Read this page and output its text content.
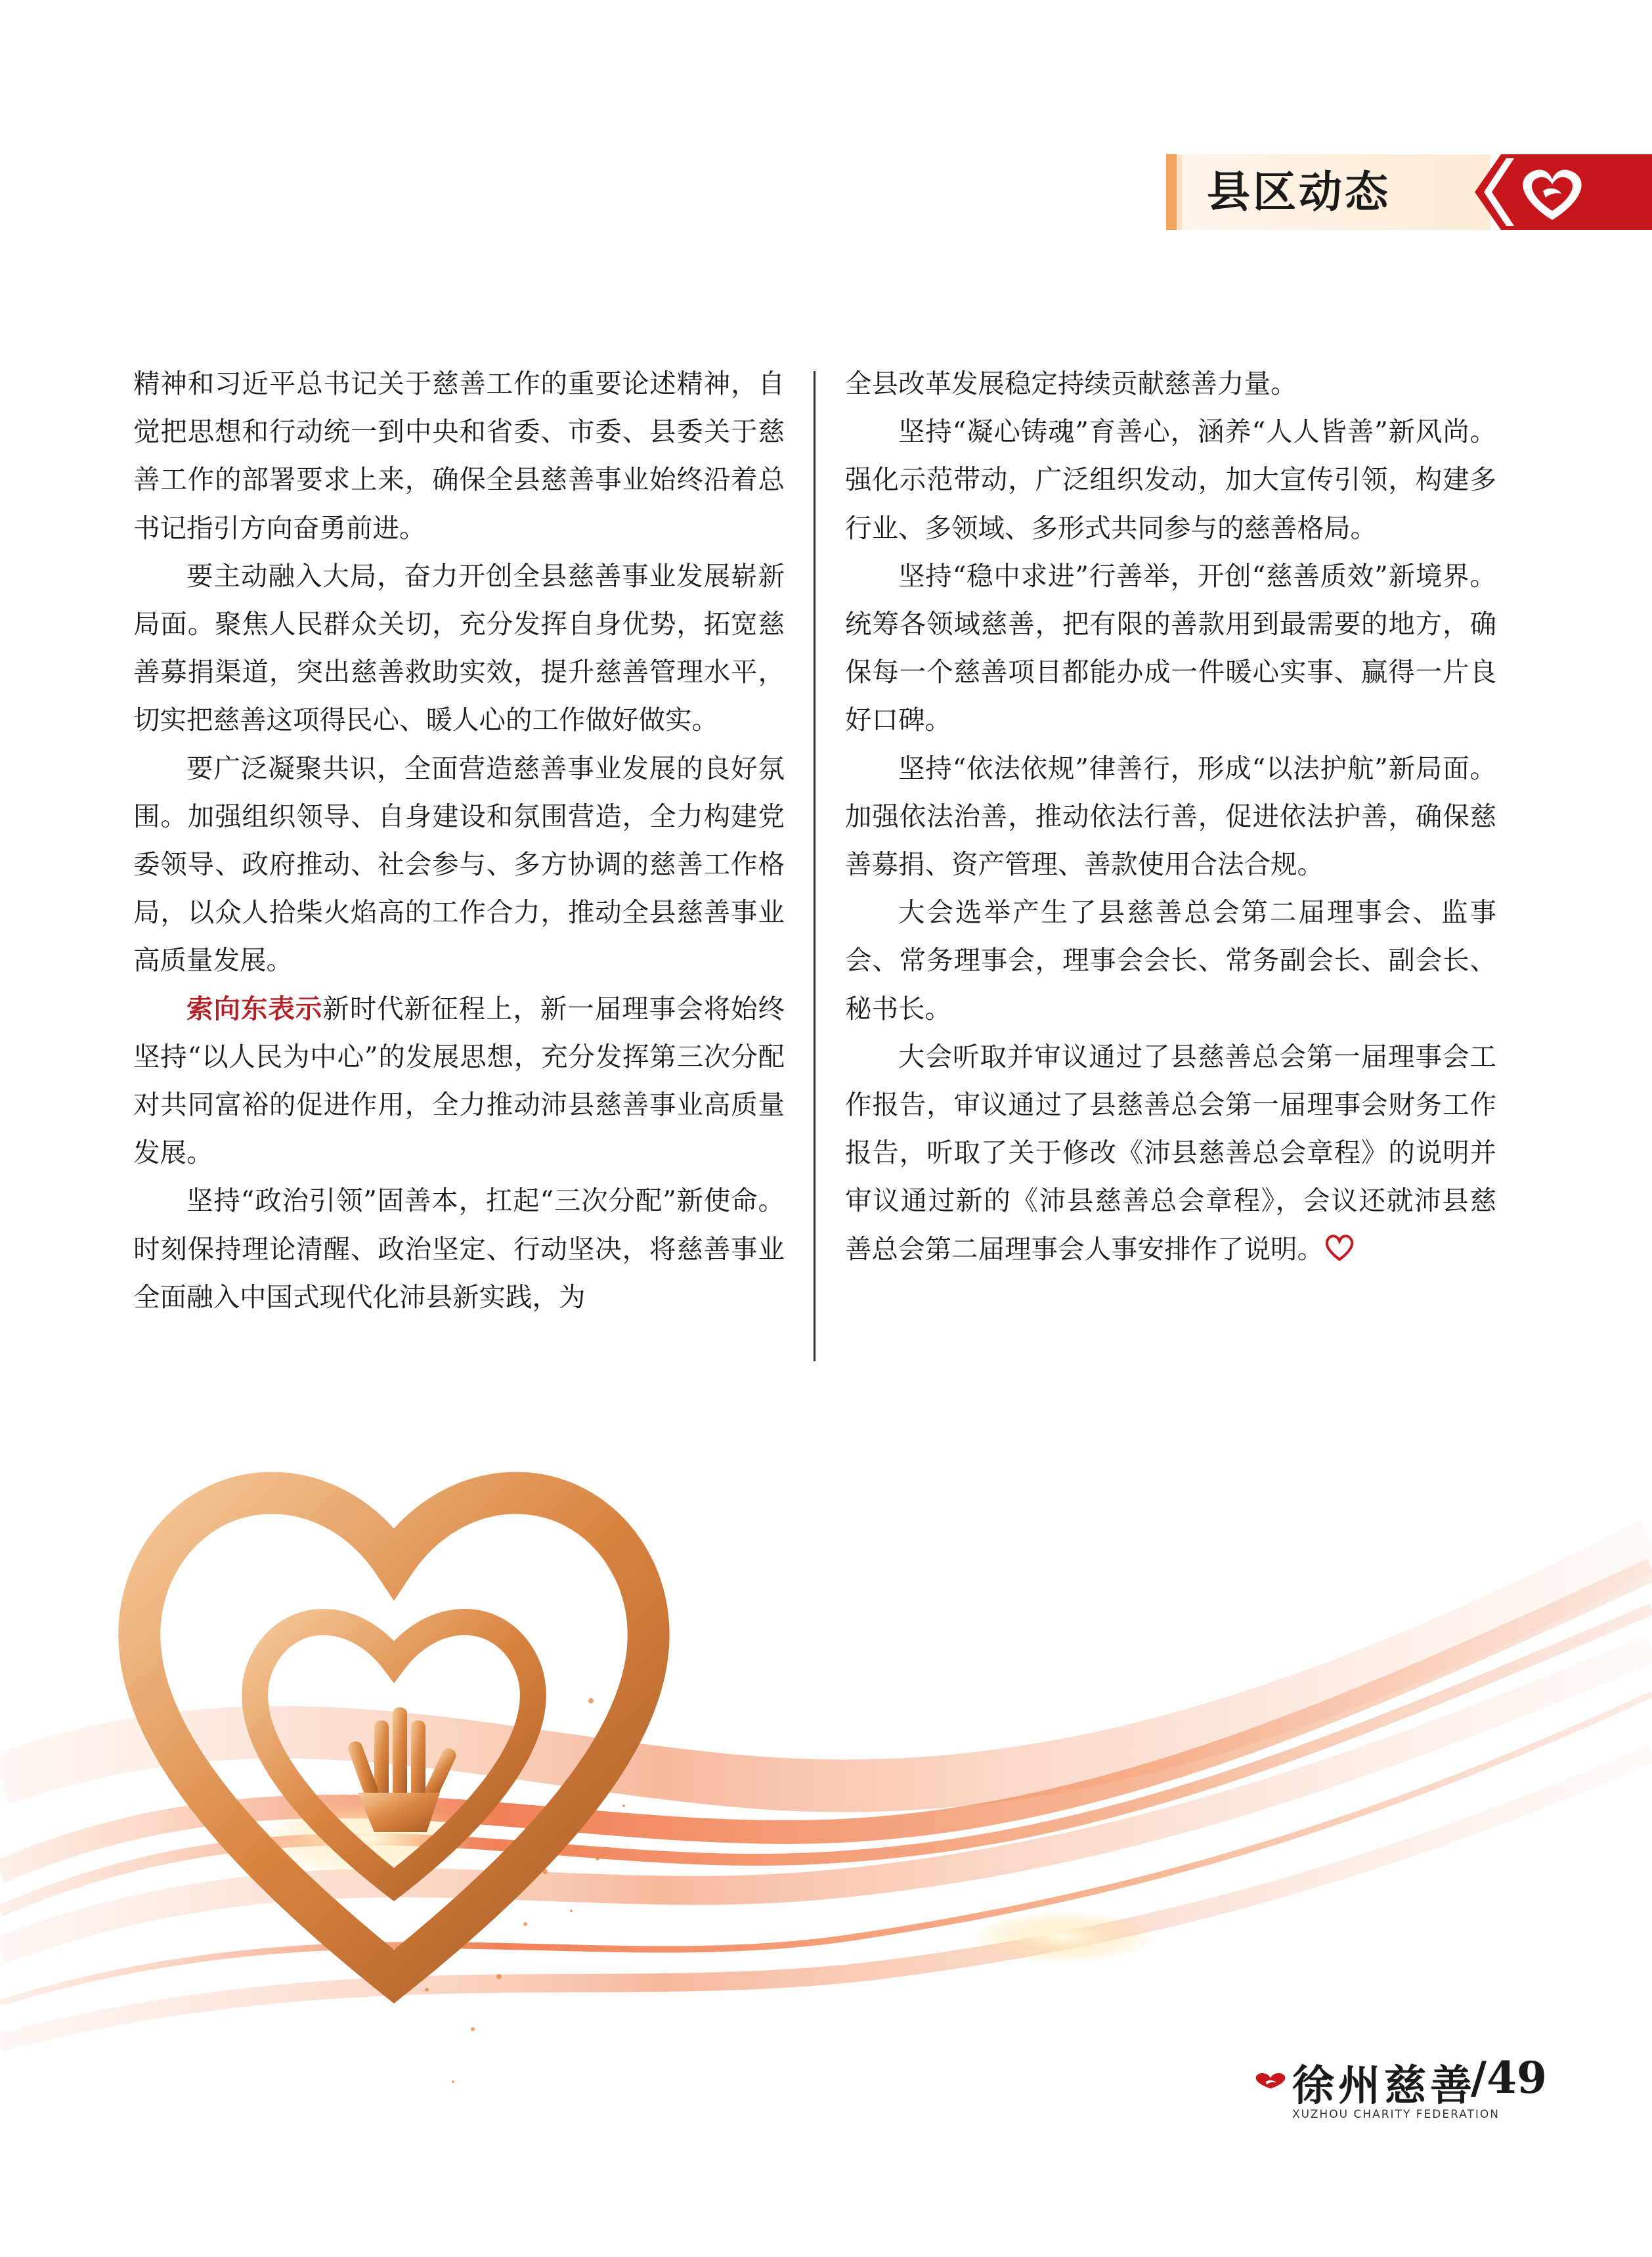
县区动态

精神和习近平总书记关于慈善工作的重要论述精神，自觉把思想和行动统一到中央和省委、市委、县委关于慈善工作的部署要求上来，确保全县慈善事业始终沿着总书记指引方向奋勇前进。

要主动融入大局，奋力开创全县慈善事业发展崭新局面。聚焦人民群众关切，充分发挥自身优势，拓宽慈善募捐渠道，突出慈善救助实效，提升慈善管理水平，切实把慈善这项得民心、暖人心的工作做好做实。

要广泛凝聚共识，全面营造慈善事业发展的良好氛围。加强组织领导、自身建设和氛围营造，全力构建党委领导、政府推动、社会参与、多方协调的慈善工作格局，以众人拾柴火焰高的工作合力，推动全县慈善事业高质量发展。

索向东表示新时代新征程上，新一届理事会将始终坚持“以人民为中心”的发展思想，充分发挥第三次分配对共同富裕的促进作用，全力推动沛县慈善事业高质量发展。

坚持“政治引领”固善本，扛起“三次分配”新使命。时刻保持理论清醒、政治坚定、行动坚决，将慈善事业全面融入中国式现代化沛县新实践，为

全县改革发展稳定持续贡献慈善力量。

坚持“凝心铸魂”育善心，涵养“人人皆善”新风尚。强化示范带动，广泛组织发动，加大宣传引领，构建多行业、多领域、多形式共同参与的慈善格局。

坚持“稳中求进”行善举，开创“慈善质效”新境界。统筹各领域慈善，把有限的善款用到最需要的地方，确保每一个慈善项目都能办成一件暖心实事、赢得一片良好口碑。

坚持“依法依规”律善行，形成“以法护航”新局面。加强依法治善，推动依法行善，促进依法护善，确保慈善募捐、资产管理、善款使用合法合规。

大会选举产生了县慈善总会第二届理事会、监事会、常务理事会，理事会会长、常务副会长、副会长、秘书长。

大会听取并审议通过了县慈善总会第一届理事会工作报告，审议通过了县慈善总会第一届理事会财务工作报告，听取了关于修改《沛县慈善总会章程》的说明并审议通过新的《沛县慈善总会章程》，会议还就沛县慈善总会第二届理事会人事安排作了说明。

徐州慈善
XUZHOU CHARITY FEDERATION
/49
